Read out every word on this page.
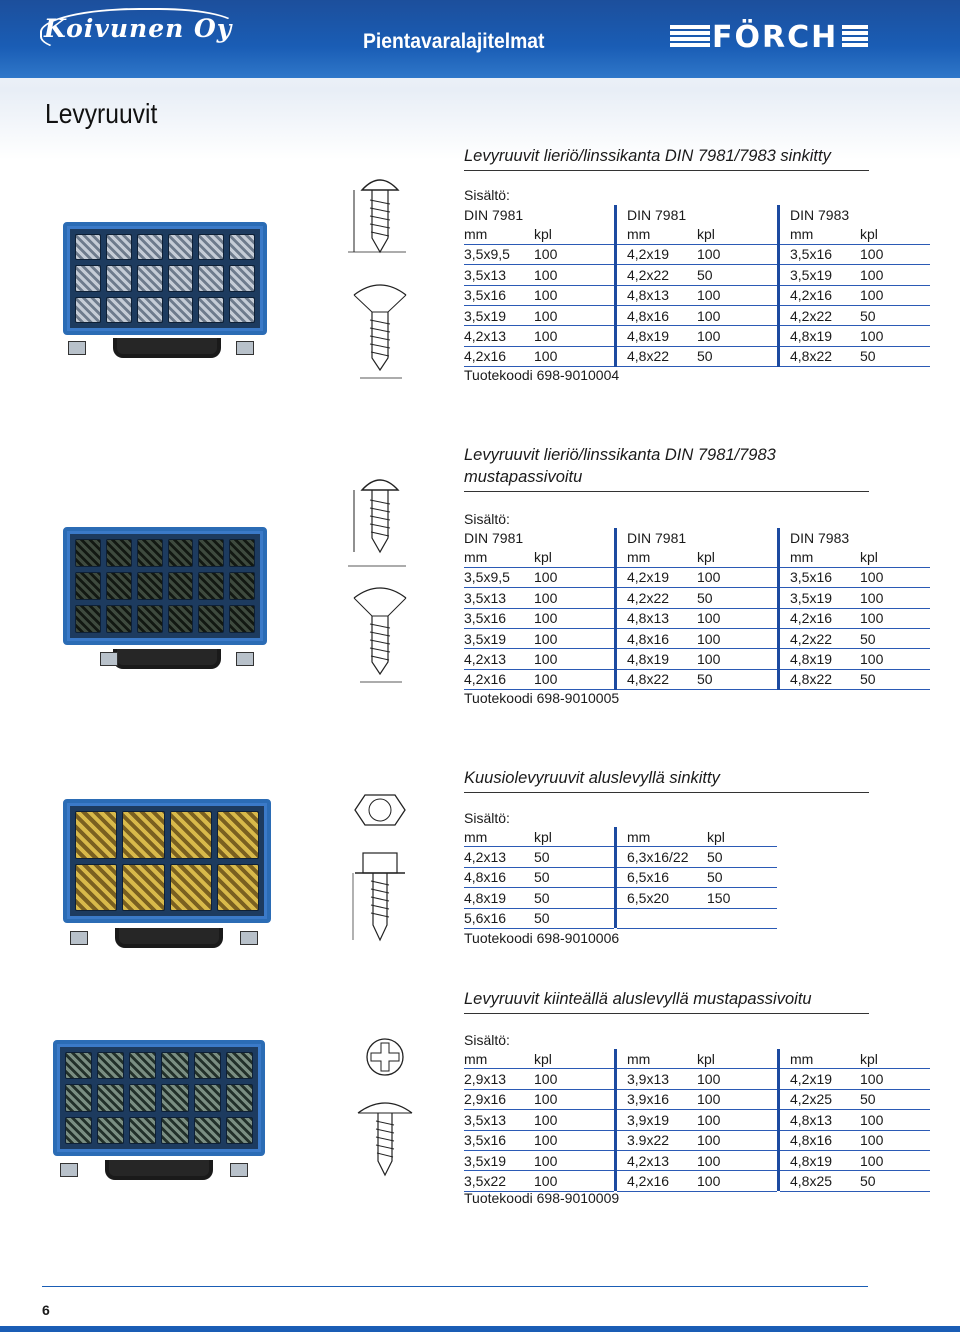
Koivunen Oy	Pientavaralajitelmat	FÖRCH
Levyruuvit
Levyruuvit lieriö/linssikanta DIN 7981/7983 sinkitty
Sisältö:
DIN 7981					DIN 7981					DIN 7983	
mm	kpl				mm	kpl				mm	kpl
3,5x9,5	100				4,2x19	100				3,5x16	100
3,5x13	100				4,2x22	50				3,5x19	100
3,5x16	100				4,8x13	100				4,2x16	100
3,5x19	100				4,8x16	100				4,2x22	50
4,2x13	100				4,8x19	100				4,8x19	100
4,2x16	100				4,8x22	50				4,8x22	50
Tuotekoodi 698-9010004
Levyruuvit lieriö/linssikanta DIN 7981/7983
mustapassivoitu
Sisältö:
DIN 7981					DIN 7981					DIN 7983	
mm	kpl				mm	kpl				mm	kpl
3,5x9,5	100				4,2x19	100				3,5x16	100
3,5x13	100				4,2x22	50				3,5x19	100
3,5x16	100				4,8x13	100				4,2x16	100
3,5x19	100				4,8x16	100				4,2x22	50
4,2x13	100				4,8x19	100				4,8x19	100
4,2x16	100				4,8x22	50				4,8x22	50
Tuotekoodi 698-9010005
Kuusiolevyruuvit aluslevyllä sinkitty
Sisältö:
mm	kpl				mm	kpl
4,2x13	50				6,3x16/22	50
4,8x16	50				6,5x16	50
4,8x19	50				6,5x20	150
5,6x16	50					
Tuotekoodi 698-9010006
Levyruuvit kiinteällä aluslevyllä mustapassivoitu
Sisältö:
mm	kpl				mm	kpl				mm	kpl
2,9x13	100				3,9x13	100				4,2x19	100
2,9x16	100				3,9x16	100				4,2x25	50
3,5x13	100				3,9x19	100				4,8x13	100
3,5x16	100				3.9x22	100				4,8x16	100
3,5x19	100				4,2x13	100				4,8x19	100
3,5x22	100				4,2x16	100				4,8x25	50
Tuotekoodi 698-9010009
6
